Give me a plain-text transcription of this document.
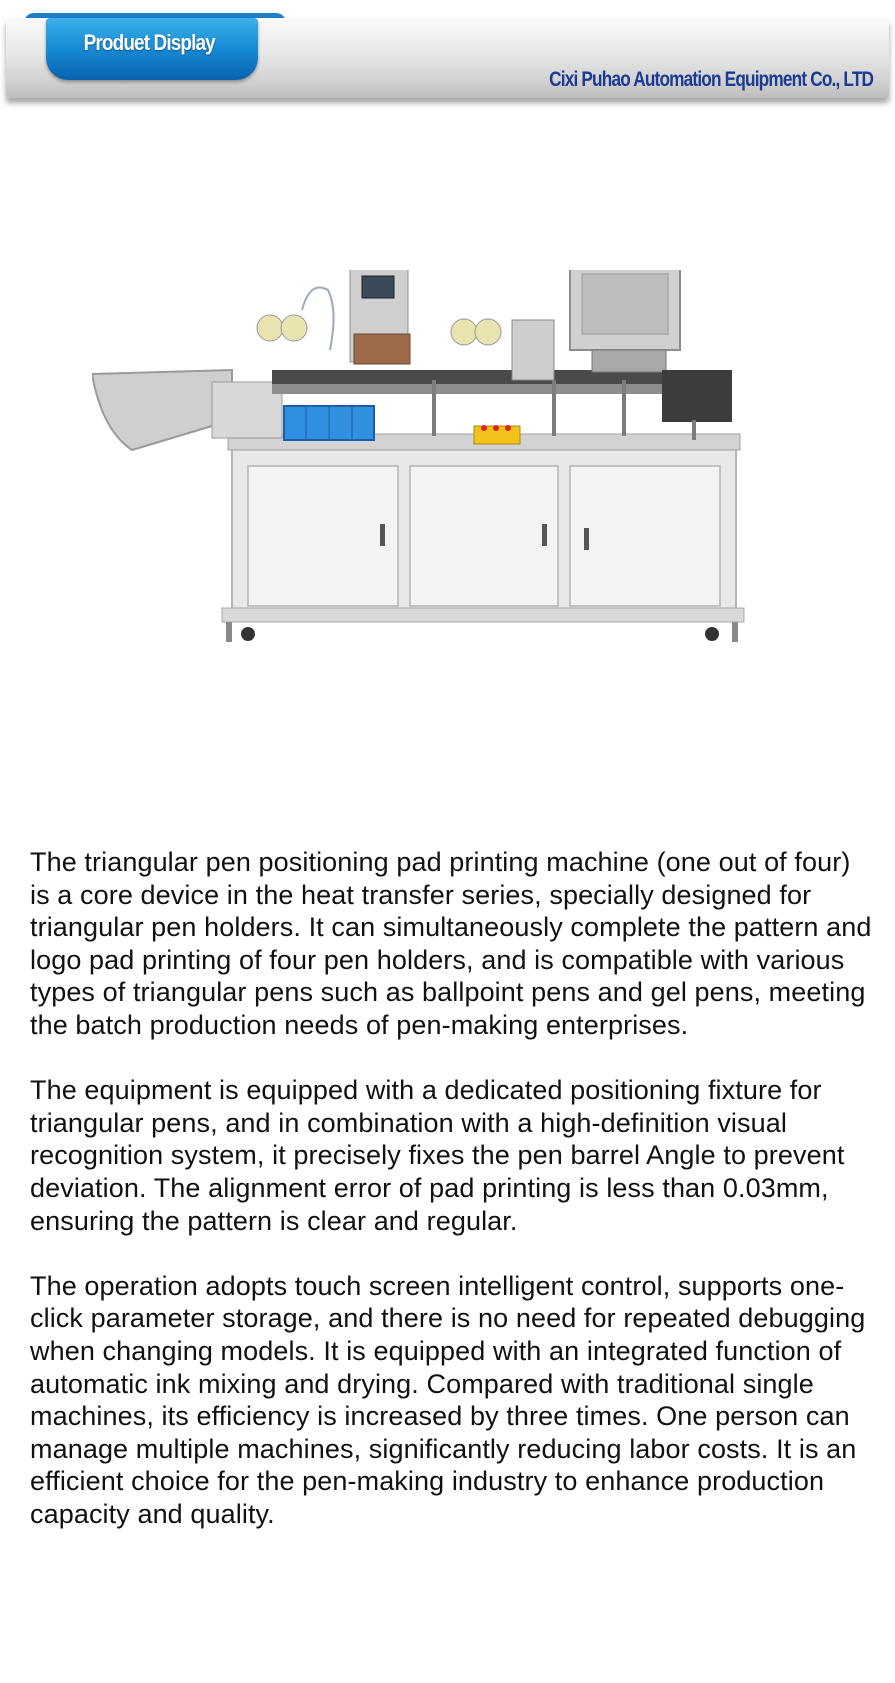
Cixi Puhao Automation Equipment Co., LTD
Produet Display

The triangular pen positioning pad printing machine (one out of four) is a core device in the heat transfer series, specially designed for triangular pen holders. It can simultaneously complete the pattern and logo pad printing of four pen holders, and is compatible with various types of triangular pens such as ballpoint pens and gel pens, meeting the batch production needs of pen-making enterprises.

The equipment is equipped with a dedicated positioning fixture for triangular pens, and in combination with a high-definition visual recognition system, it precisely fixes the pen barrel Angle to prevent deviation. The alignment error of pad printing is less than 0.03mm, ensuring the pattern is clear and regular.

The operation adopts touch screen intelligent control, supports one-click parameter storage, and there is no need for repeated debugging when changing models. It is equipped with an integrated function of automatic ink mixing and drying. Compared with traditional single machines, its efficiency is increased by three times. One person can manage multiple machines, significantly reducing labor costs. It is an efficient choice for the pen-making industry to enhance production capacity and quality.
